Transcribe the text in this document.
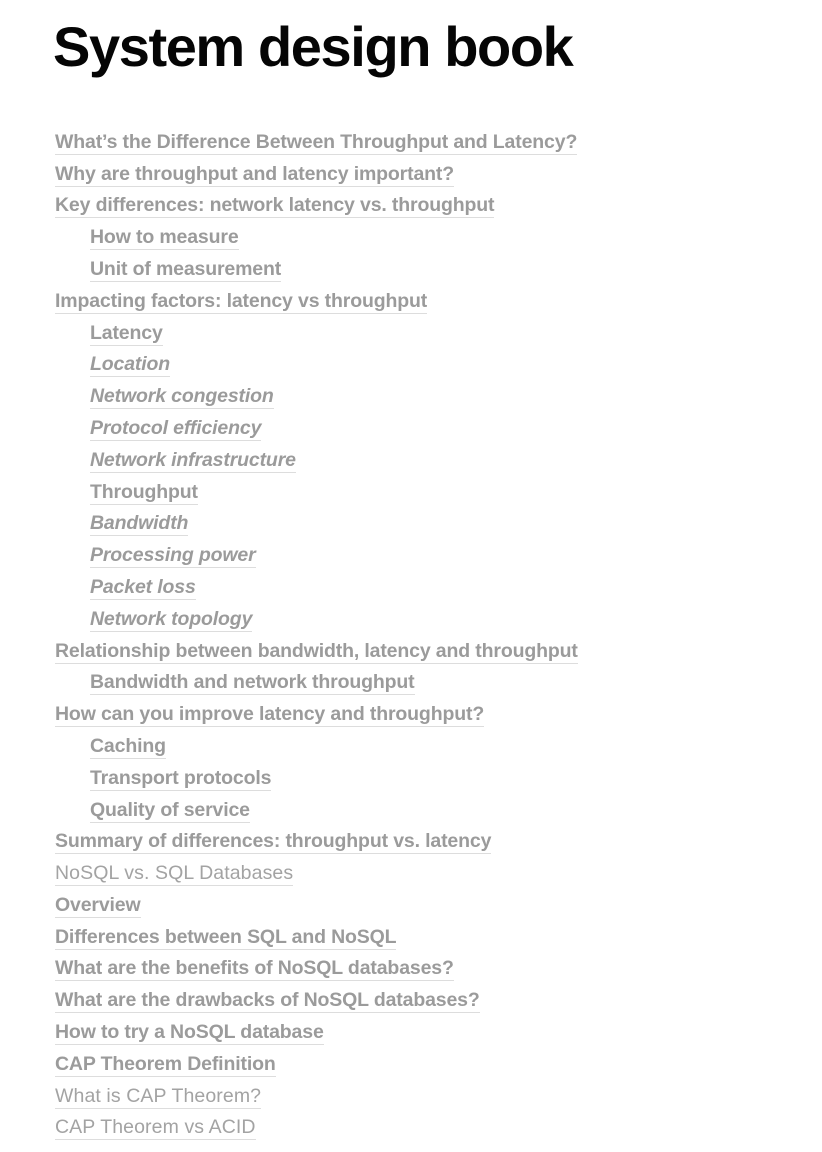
System design book
What’s the Difference Between Throughput and Latency?
Why are throughput and latency important?
Key differences: network latency vs. throughput
How to measure
Unit of measurement
Impacting factors: latency vs throughput
Latency
Location
Network congestion
Protocol efficiency
Network infrastructure
Throughput
Bandwidth
Processing power
Packet loss
Network topology
Relationship between bandwidth, latency and throughput
Bandwidth and network throughput
How can you improve latency and throughput?
Caching
Transport protocols
Quality of service
Summary of differences: throughput vs. latency
NoSQL vs. SQL Databases
Overview
Differences between SQL and NoSQL
What are the benefits of NoSQL databases?
What are the drawbacks of NoSQL databases?
How to try a NoSQL database
CAP Theorem Definition
What is CAP Theorem?
CAP Theorem vs ACID
